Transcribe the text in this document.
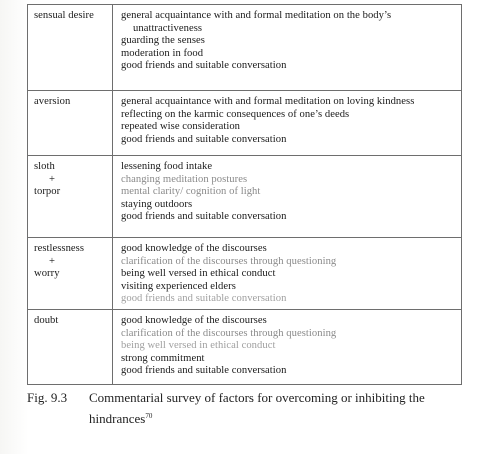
sensual desire	general acquaintance with and formal meditation on the body’s
unattractiveness
guarding the senses
moderation in food
good friends and suitable conversation

aversion	general acquaintance with and formal meditation on loving kindness
reflecting on the karmic consequences of one’s deeds
repeated wise consideration
good friends and suitable conversation

sloth
+
torpor	lessening food intake
changing meditation postures
mental clarity/ cognition of light
staying outdoors
good friends and suitable conversation

restlessness
+
worry	good knowledge of the discourses
clarification of the discourses through questioning
being well versed in ethical conduct
visiting experienced elders
good friends and suitable conversation

doubt	good knowledge of the discourses
clarification of the discourses through questioning
being well versed in ethical conduct
strong commitment
good friends and suitable conversation
Fig. 9.3 Commentarial survey of factors for overcoming or inhibiting the
hindrances$^{70}$
